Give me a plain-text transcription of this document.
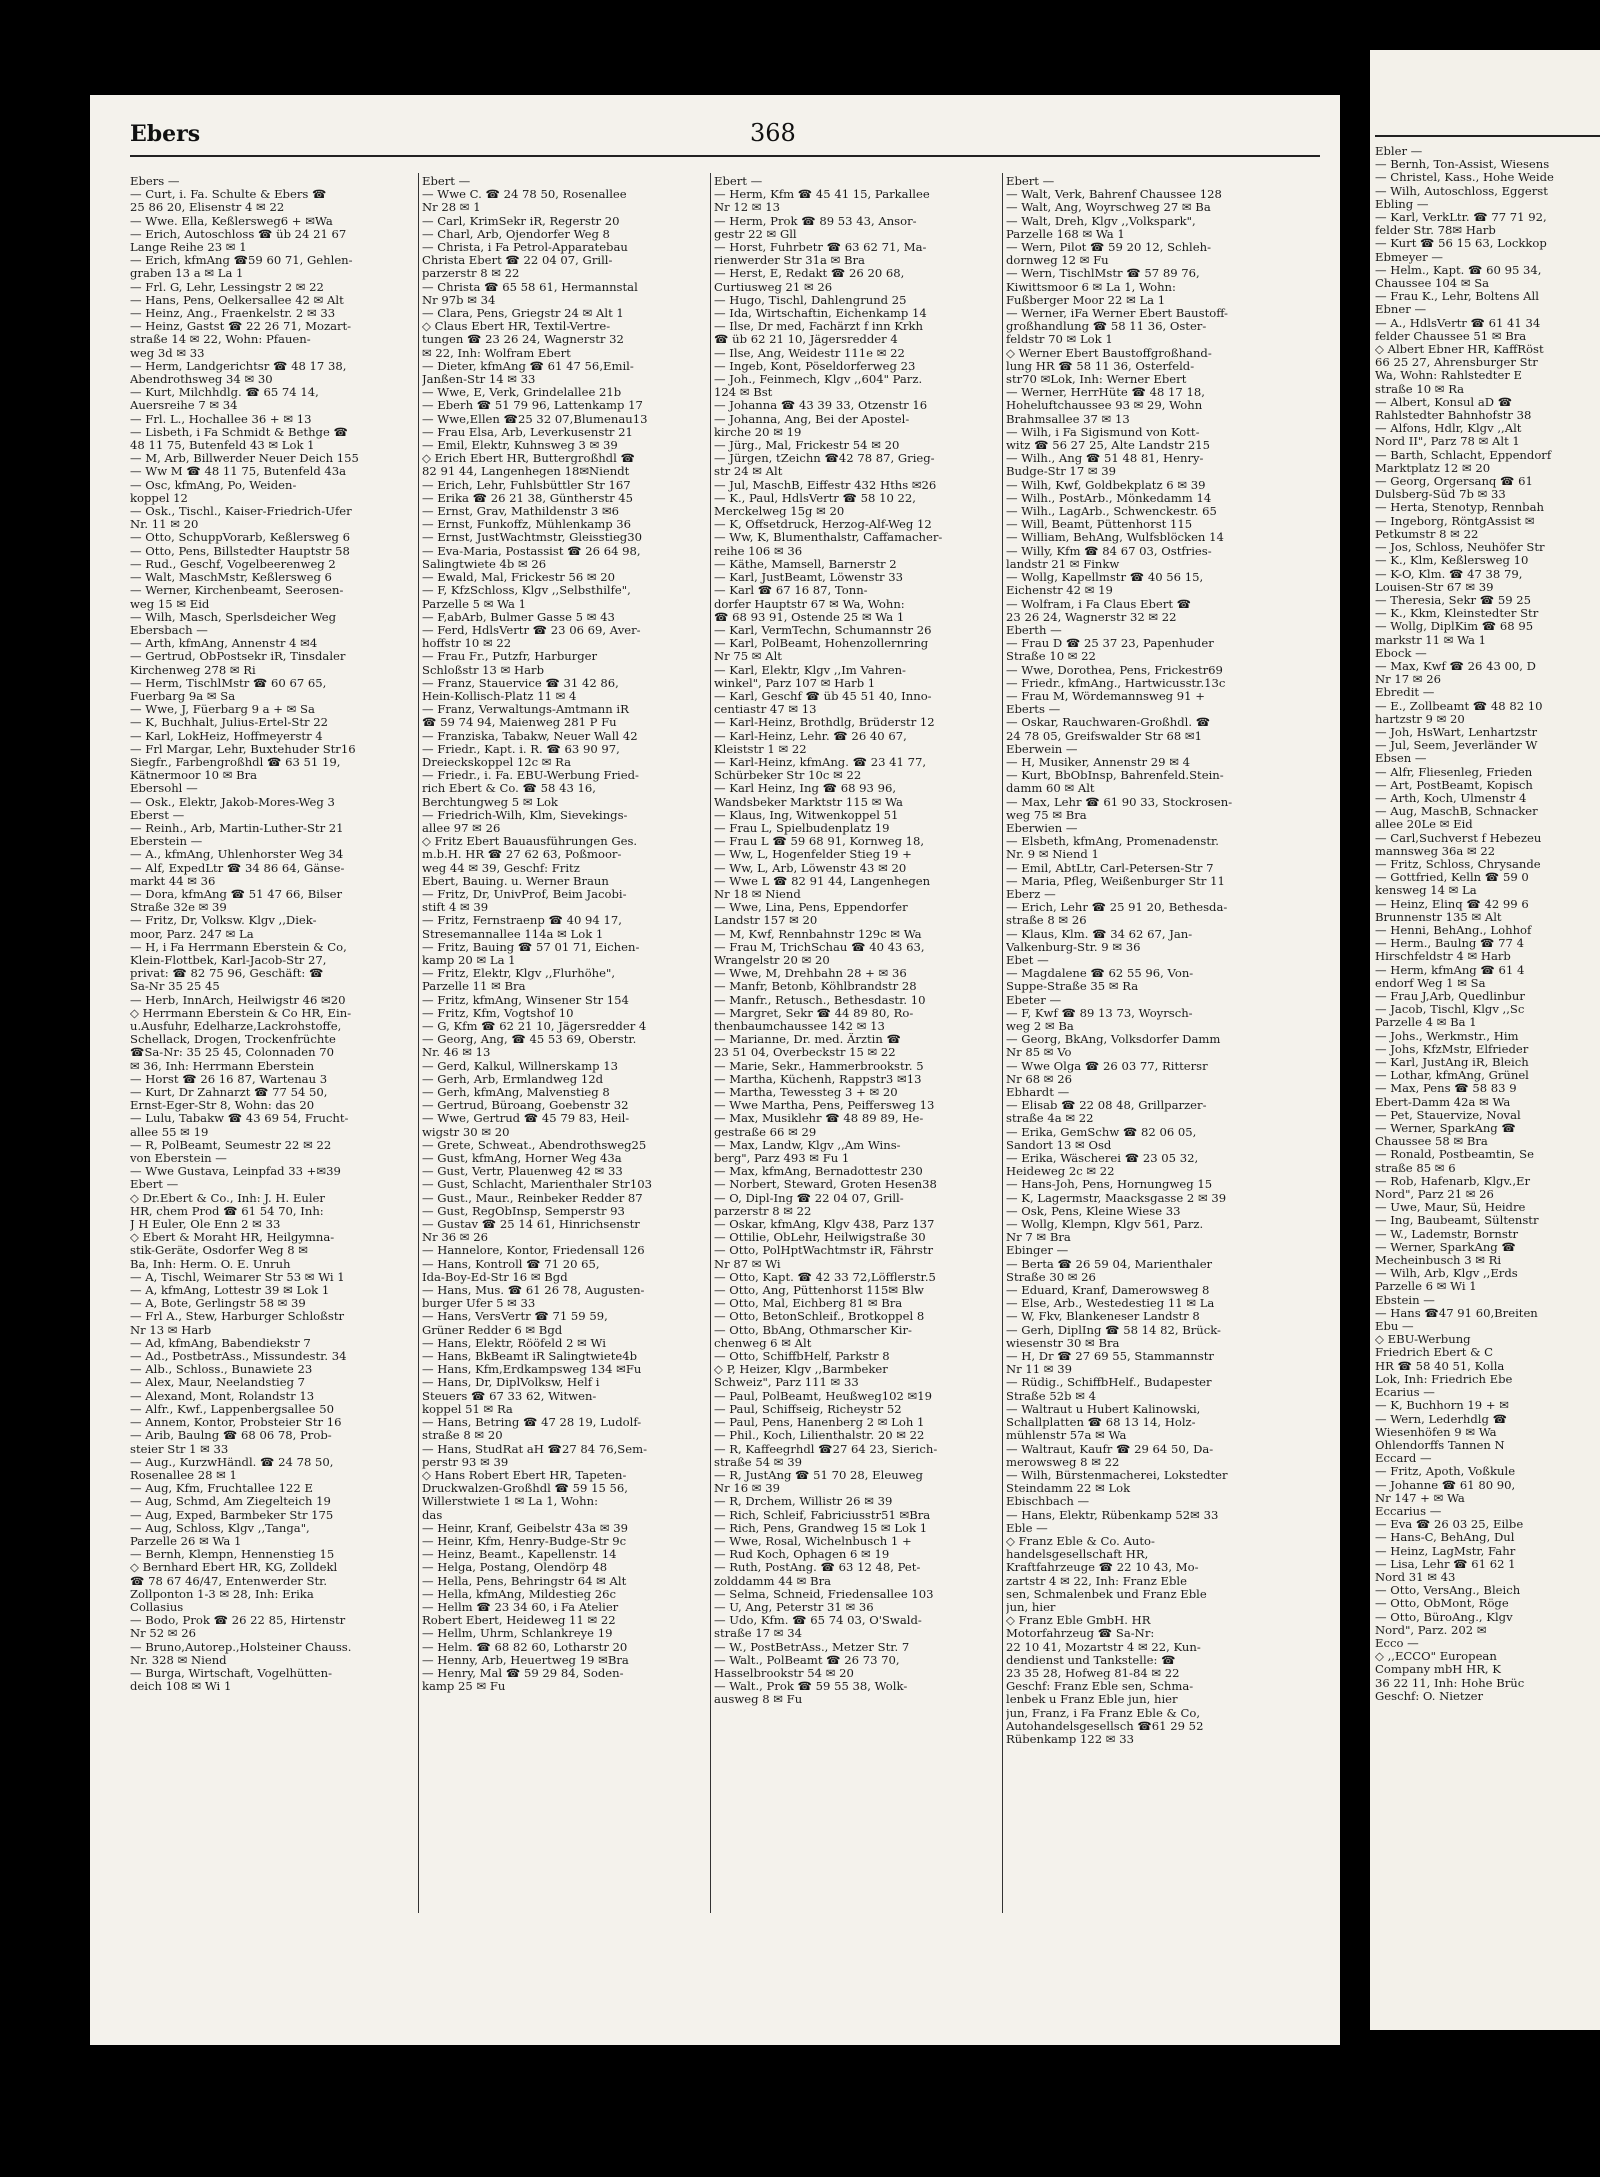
Ebers	368
Ebers —
— Curt, i. Fa. Schulte & Ebers ☎
25 86 20, Elisenstr 4 ✉ 22
— Wwe. Ella, Keßlersweg6 + ✉Wa
— Erich, Autoschloss ☎ üb 24 21 67
Lange Reihe 23 ✉ 1
— Erich, kfmAng ☎59 60 71, Gehlen-
graben 13 a ✉ La 1
— Frl. G, Lehr, Lessingstr 2 ✉ 22
— Hans, Pens, Oelkersallee 42 ✉ Alt
— Heinz, Ang., Fraenkelstr. 2 ✉ 33
— Heinz, Gastst ☎ 22 26 71, Mozart-
straße 14 ✉ 22, Wohn: Pfauen-
weg 3d ✉ 33
— Herm, Landgerichtsr ☎ 48 17 38,
Abendrothsweg 34 ✉ 30
— Kurt, Milchhdlg. ☎ 65 74 14,
Auersreihe 7 ✉ 34
— Frl. L., Hochallee 36 + ✉ 13
— Lisbeth, i Fa Schmidt & Bethge ☎
48 11 75, Butenfeld 43 ✉ Lok 1
— M, Arb, Billwerder Neuer Deich 155
— Ww M ☎ 48 11 75, Butenfeld 43a
— Osc, kfmAng, Po, Weiden-
koppel 12
— Osk., Tischl., Kaiser-Friedrich-Ufer
Nr. 11 ✉ 20
— Otto, SchuppVorarb, Keßlersweg 6
— Otto, Pens, Billstedter Hauptstr 58
— Rud., Geschf, Vogelbeerenweg 2
— Walt, MaschMstr, Keßlersweg 6
— Werner, Kirchenbeamt, Seerosen-
weg 15 ✉ Eid
— Wilh, Masch, Sperlsdeicher Weg
Ebersbach —
— Arth, kfmAng, Annenstr 4 ✉4
— Gertrud, ObPostsekr iR, Tinsdaler
Kirchenweg 278 ✉ Ri
— Herm, TischlMstr ☎ 60 67 65,
Fuerbarg 9a ✉ Sa
— Wwe, J, Füerbarg 9 a + ✉ Sa
— K, Buchhalt, Julius-Ertel-Str 22
— Karl, LokHeiz, Hoffmeyerstr 4
— Frl Margar, Lehr, Buxtehuder Str16
Siegfr., Farbengroßhdl ☎ 63 51 19,
Kätnermoor 10 ✉ Bra
Ebersohl —
— Osk., Elektr, Jakob-Mores-Weg 3
Eberst —
— Reinh., Arb, Martin-Luther-Str 21
Eberstein —
— A., kfmAng, Uhlenhorster Weg 34
— Alf, ExpedLtr ☎ 34 86 64, Gänse-
markt 44 ✉ 36
— Dora, kfmAng ☎ 51 47 66, Bilser
Straße 32e ✉ 39
— Fritz, Dr, Volksw. Klgv ,,Diek-
moor, Parz. 247 ✉ La
— H, i Fa Herrmann Eberstein & Co,
Klein-Flottbek, Karl-Jacob-Str 27,
privat: ☎ 82 75 96, Geschäft: ☎
Sa-Nr 35 25 45
— Herb, InnArch, Heilwigstr 46 ✉20
◇ Herrmann Eberstein & Co HR, Ein-
u.Ausfuhr, Edelharze,Lackrohstoffe,
Schellack, Drogen, Trockenfrüchte
☎Sa-Nr: 35 25 45, Colonnaden 70
✉ 36, Inh: Herrmann Eberstein
— Horst ☎ 26 16 87, Wartenau 3
— Kurt, Dr Zahnarzt ☎ 77 54 50,
Ernst-Eger-Str 8, Wohn: das 20
— Lulu, Tabakw ☎ 43 69 54, Frucht-
allee 55 ✉ 19
— R, PolBeamt, Seumestr 22 ✉ 22
von Eberstein —
— Wwe Gustava, Leinpfad 33 +✉39
Ebert —
◇ Dr.Ebert & Co., Inh: J. H. Euler
HR, chem Prod ☎ 61 54 70, Inh:
J H Euler, Ole Enn 2 ✉ 33
◇ Ebert & Moraht HR, Heilgymna-
stik-Geräte, Osdorfer Weg 8 ✉
Ba, Inh: Herm. O. E. Unruh
— A, Tischl, Weimarer Str 53 ✉ Wi 1
— A, kfmAng, Lottestr 39 ✉ Lok 1
— A, Bote, Gerlingstr 58 ✉ 39
— Frl A., Stew, Harburger Schloßstr
Nr 13 ✉ Harb
— Ad, kfmAng, Babendiekstr 7
— Ad., PostbetrAss., Missundestr. 34
— Alb., Schloss., Bunawiete 23
— Alex, Maur, Neelandstieg 7
— Alexand, Mont, Rolandstr 13
— Alfr., Kwf., Lappenbergsallee 50
— Annem, Kontor, Probsteier Str 16
— Arib, Baulng ☎ 68 06 78, Prob-
steier Str 1 ✉ 33
— Aug., KurzwHändl. ☎ 24 78 50,
Rosenallee 28 ✉ 1
— Aug, Kfm, Fruchtallee 122 E
— Aug, Schmd, Am Ziegelteich 19
— Aug, Exped, Barmbeker Str 175
— Aug, Schloss, Klgv ,,Tanga",
Parzelle 26 ✉ Wa 1
— Bernh, Klempn, Hennenstieg 15
◇ Bernhard Ebert HR, KG, Zolldekl
☎ 78 67 46/47, Entenwerder Str.
Zollpontоn 1-3 ✉ 28, Inh: Erika
Collasius
— Bodo, Prok ☎ 26 22 85, Hirtenstr
Nr 52 ✉ 26
— Bruno,Autorep.,Holsteiner Chauss.
Nr. 328 ✉ Niend
— Burga, Wirtschaft, Vogelhütten-
deich 108 ✉ Wi 1
Ebert —
— Wwe C. ☎ 24 78 50, Rosenallee
Nr 28 ✉ 1
— Carl, KrimSekr iR, Regerstr 20
— Charl, Arb, Ojendorfer Weg 8
— Christa, i Fa Petrol-Apparatebau
Christa Ebert ☎ 22 04 07, Grill-
parzerstr 8 ✉ 22
— Christa ☎ 65 58 61, Hermannstal
Nr 97b ✉ 34
— Clara, Pens, Griegstr 24 ✉ Alt 1
◇ Claus Ebert HR, Textil-Vertre-
tungen ☎ 23 26 24, Wagnerstr 32
✉ 22, Inh: Wolfram Ebert
— Dieter, kfmAng ☎ 61 47 56,Emil-
Janßen-Str 14 ✉ 33
— Wwe, E, Verk, Grindelallee 21b
— Eberh ☎ 51 79 96, Lattenkamp 17
— Wwe,Ellen ☎25 32 07,Blumenau13
— Frau Elsa, Arb, Leverkusenstr 21
— Emil, Elektr, Kuhnsweg 3 ✉ 39
◇ Erich Ebert HR, Buttergroßhdl ☎
82 91 44, Langenhegen 18✉Niendt
— Erich, Lehr, Fuhlsbüttler Str 167
— Erika ☎ 26 21 38, Güntherstr 45
— Ernst, Grav, Mathildenstr 3 ✉6
— Ernst, Funkoffz, Mühlenkamp 36
— Ernst, JustWachtmstr, Gleisstieg30
— Eva-Maria, Postassist ☎ 26 64 98,
Salingtwiete 4b ✉ 26
— Ewald, Mal, Frickestr 56 ✉ 20
— F, KfzSchloss, Klgv ,,Selbsthilfe",
Parzelle 5 ✉ Wa 1
— F,abArb, Bulmer Gasse 5 ✉ 43
— Ferd, HdlsVertr ☎ 23 06 69, Aver-
hoffstr 10 ✉ 22
— Frau Fr., Putzfr, Harburger
Schloßstr 13 ✉ Harb
— Franz, Stauervice ☎ 31 42 86,
Hein-Kollisch-Platz 11 ✉ 4
— Franz, Verwaltungs-Amtmann iR
☎ 59 74 94, Maienweg 281 P Fu
— Franziska, Tabakw, Neuer Wall 42
— Friedr., Kapt. i. R. ☎ 63 90 97,
Dreieckskoppel 12c ✉ Ra
— Friedr., i. Fa. EBU-Werbung Fried-
rich Ebert & Co. ☎ 58 43 16,
Berchtungweg 5 ✉ Lok
— Friedrich-Wilh, Klm, Sievekings-
allee 97 ✉ 26
◇ Fritz Ebert Bauausführungen Ges.
m.b.H. HR ☎ 27 62 63, Poßmoor-
weg 44 ✉ 39, Geschf: Fritz
Ebert, Bauing. u. Werner Braun
— Fritz, Dr, UnivProf, Beim Jacobi-
stift 4 ✉ 39
— Fritz, Fernstraenp ☎ 40 94 17,
Stresemannallee 114a ✉ Lok 1
— Fritz, Bauing ☎ 57 01 71, Eichen-
kamp 20 ✉ La 1
— Fritz, Elektr, Klgv ,,Flurhöhe",
Parzelle 11 ✉ Bra
— Fritz, kfmAng, Winsener Str 154
— Fritz, Kfm, Vogtshof 10
— G, Kfm ☎ 62 21 10, Jägersredder 4
— Georg, Ang, ☎ 45 53 69, Oberstr.
Nr. 46 ✉ 13
— Gerd, Kalkul, Willnerskamp 13
— Gerh, Arb, Ermlandweg 12d
— Gerh, kfmAng, Malvenstieg 8
— Gertrud, Büroang, Goebenstr 32
— Wwe, Gertrud ☎ 45 79 83, Heil-
wigstr 30 ✉ 20
— Grete, Schweat., Abendrothsweg25
— Gust, kfmAng, Horner Weg 43a
— Gust, Vertr, Plauenweg 42 ✉ 33
— Gust, Schlacht, Marienthaler Str103
— Gust., Maur., Reinbeker Redder 87
— Gust, RegObInsp, Semperstr 93
— Gustav ☎ 25 14 61, Hinrichsenstr
Nr 36 ✉ 26
— Hannelore, Kontor, Friedensall 126
— Hans, Kontroll ☎ 71 20 65,
Ida-Boy-Ed-Str 16 ✉ Bgd
— Hans, Mus. ☎ 61 26 78, Augusten-
burger Ufer 5 ✉ 33
— Hans, VersVertr ☎ 71 59 59,
Grüner Redder 6 ✉ Bgd
— Hans, Elektr, Rööfeld 2 ✉ Wi
— Hans, BkBeamt iR Salingtwiete4b
— Hans, Kfm,Erdkampsweg 134 ✉Fu
— Hans, Dr, DiplVolksw, Helf i
Steuers ☎ 67 33 62, Witwen-
koppel 51 ✉ Ra
— Hans, Betring ☎ 47 28 19, Ludolf-
straße 8 ✉ 20
— Hans, StudRat aH ☎27 84 76,Sem-
perstr 93 ✉ 39
◇ Hans Robert Ebert HR, Tapeten-
Druckwalzen-Großhdl ☎ 59 15 56,
Willerstwiete 1 ✉ La 1, Wohn:
das
— Heinr, Kranf, Geibelstr 43a ✉ 39
— Heinr, Kfm, Henry-Budge-Str 9c
— Heinz, Beamt., Kapellenstr. 14
— Helga, Postang, Olendörp 48
— Hella, Pens, Behringstr 64 ✉ Alt
— Hella, kfmAng, Mildestieg 26c
— Hellm ☎ 23 34 60, i Fa Atelier
Robert Ebert, Heideweg 11 ✉ 22
— Hellm, Uhrm, Schlankreye 19
— Helm. ☎ 68 82 60, Lotharstr 20
— Henny, Arb, Heuertweg 19 ✉Bra
— Henry, Mal ☎ 59 29 84, Soden-
kamp 25 ✉ Fu
Ebert —
— Herm, Kfm ☎ 45 41 15, Parkallee
Nr 12 ✉ 13
— Herm, Prok ☎ 89 53 43, Ansor-
gestr 22 ✉ Gll
— Horst, Fuhrbetr ☎ 63 62 71, Ma-
rienwerder Str 31a ✉ Bra
— Herst, E, Redakt ☎ 26 20 68,
Curtiusweg 21 ✉ 26
— Hugo, Tischl, Dahlengrund 25
— Ida, Wirtschaftin, Eichenkamp 14
— Ilse, Dr med, Fachärzt f inn Krkh
☎ üb 62 21 10, Jägersredder 4
— Ilse, Ang, Weidestr 111e ✉ 22
— Ingeb, Kont, Pöseldorferweg 23
— Joh., Feinmech, Klgv ,,604" Parz.
124 ✉ Bst
— Johanna ☎ 43 39 33, Otzenstr 16
— Johanna, Ang, Bei der Apostel-
kirche 20 ✉ 19
— Jürg., Mal, Frickestr 54 ✉ 20
— Jürgen, tZeichn ☎42 78 87, Grieg-
str 24 ✉ Alt
— Jul, MaschB, Eiffestr 432 Hths ✉26
— K., Paul, HdlsVertr ☎ 58 10 22,
Merckelweg 15g ✉ 20
— K, Offsetdruck, Herzog-Alf-Weg 12
— Ww, K, Blumenthalstr, Caffamacher-
reihe 106 ✉ 36
— Käthe, Mamsell, Barnerstr 2
— Karl, JustBeamt, Löwenstr 33
— Karl ☎ 67 16 87, Tonn-
dorfer Hauptstr 67 ✉ Wa, Wohn:
☎ 68 93 91, Ostende 25 ✉ Wa 1
— Karl, VermTechn, Schumannstr 26
— Karl, PolBeamt, Hohenzollernring
Nr 75 ✉ Alt
— Karl, Elektr, Klgv ,,Im Vahren-
winkel", Parz 107 ✉ Harb 1
— Karl, Geschf ☎ üb 45 51 40, Inno-
centiastr 47 ✉ 13
— Karl-Heinz, Brothdlg, Brüderstr 12
— Karl-Heinz, Lehr. ☎ 26 40 67,
Kleiststr 1 ✉ 22
— Karl-Heinz, kfmAng. ☎ 23 41 77,
Schürbeker Str 10c ✉ 22
— Karl Heinz, Ing ☎ 68 93 96,
Wandsbeker Marktstr 115 ✉ Wa
— Klaus, Ing, Witwenkoppel 51
— Frau L, Spielbudenplatz 19
— Frau L ☎ 59 68 91, Kornweg 18,
— Ww, L, Hogenfelder Stieg 19 +
— Ww, L, Arb, Löwenstr 43 ✉ 20
— Wwe L ☎ 82 91 44, Langenhegen
Nr 18 ✉ Niend
— Wwe, Lina, Pens, Eppendorfer
Landstr 157 ✉ 20
— M, Kwf, Rennbahnstr 129c ✉ Wa
— Frau M, TrichSchau ☎ 40 43 63,
Wrangelstr 20 ✉ 20
— Wwe, M, Drehbahn 28 + ✉ 36
— Manfr, Betonb, Köhlbrandstr 28
— Manfr., Retusch., Bethesdastr. 10
— Margret, Sekr ☎ 44 89 80, Ro-
thenbaumchaussee 142 ✉ 13
— Marianne, Dr. med. Ärztin ☎
23 51 04, Overbeckstr 15 ✉ 22
— Marie, Sekr., Hammerbrookstr. 5
— Martha, Küchenh, Rappstr3 ✉13
— Martha, Tewessteg 3 + ✉ 20
— Wwe Martha, Pens, Peiffersweg 13
— Max, Musiklehr ☎ 48 89 89, He-
gestraße 66 ✉ 29
— Max, Landw, Klgv ,,Am Wins-
berg", Parz 493 ✉ Fu 1
— Max, kfmAng, Bernadottestr 230
— Norbert, Steward, Groten Hesen38
— O, Dipl-Ing ☎ 22 04 07, Grill-
parzerstr 8 ✉ 22
— Oskar, kfmAng, Klgv 438, Parz 137
— Ottilie, ObLehr, Heilwigstraße 30
— Otto, PolHptWachtmstr iR, Fährstr
Nr 87 ✉ Wi
— Otto, Kapt. ☎ 42 33 72,Löfflerstr.5
— Otto, Ang, Püttenhorst 115✉ Blw
— Otto, Mal, Eichberg 81 ✉ Bra
— Otto, BetonSchleif., Brotkoppel 8
— Otto, BbAng, Othmarscher Kir-
chenweg 6 ✉ Alt
— Otto, SchiffbHelf, Parkstr 8
◇ P, Heizer, Klgv ,,Barmbeker
Schweiz", Parz 111 ✉ 33
— Paul, PolBeamt, Heußweg102 ✉19
— Paul, Schiffseig, Richeystr 52
— Paul, Pens, Hanenberg 2 ✉ Loh 1
— Phil., Koch, Lilienthalstr. 20 ✉ 22
— R, Kaffeegrhdl ☎27 64 23, Sierich-
straße 54 ✉ 39
— R, JustAng ☎ 51 70 28, Eleuweg
Nr 16 ✉ 39
— R, Drchem, Willistr 26 ✉ 39
— Rich, Schleif, Fabriciusstr51 ✉Bra
— Rich, Pens, Grandweg 15 ✉ Lok 1
— Wwe, Rosal, Wichelnbusch 1 +
— Rud Koch, Ophagen 6 ✉ 19
— Ruth, PostAng. ☎ 63 12 48, Pet-
zolddamm 44 ✉ Bra
— Selma, Schneid, Friedensallee 103
— U, Ang, Peterstr 31 ✉ 36
— Udo, Kfm. ☎ 65 74 03, O'Swald-
straße 17 ✉ 34
— W., PostBetrAss., Metzer Str. 7
— Walt., PolBeamt ☎ 26 73 70,
Hasselbrookstr 54 ✉ 20
— Walt., Prok ☎ 59 55 38, Wolk-
ausweg 8 ✉ Fu
Ebert —
— Walt, Verk, Bahrenf Chaussee 128
— Walt, Ang, Woyrschweg 27 ✉ Ba
— Walt, Dreh, Klgv ,,Volkspark",
Parzelle 168 ✉ Wa 1
— Wern, Pilot ☎ 59 20 12, Schleh-
dornweg 12 ✉ Fu
— Wern, TischlMstr ☎ 57 89 76,
Kiwittsmoor 6 ✉ La 1, Wohn:
Fußberger Moor 22 ✉ La 1
— Werner, iFa Werner Ebert Baustoff-
großhandlung ☎ 58 11 36, Oster-
feldstr 70 ✉ Lok 1
◇ Werner Ebert Baustoffgroßhand-
lung HR ☎ 58 11 36, Osterfeld-
str70 ✉Lok, Inh: Werner Ebert
— Werner, HerrHüte ☎ 48 17 18,
Hoheluftchaussee 93 ✉ 29, Wohn
Brahmsallee 37 ✉ 13
— Wilh, i Fa Sigismund von Kott-
witz ☎ 56 27 25, Alte Landstr 215
— Wilh., Ang ☎ 51 48 81, Henry-
Budge-Str 17 ✉ 39
— Wilh, Kwf, Goldbekplatz 6 ✉ 39
— Wilh., PostArb., Mönkedamm 14
— Wilh., LagArb., Schwenckestr. 65
— Will, Beamt, Püttenhorst 115
— William, BehAng, Wulfsblöcken 14
— Willy, Kfm ☎ 84 67 03, Ostfries-
landstr 21 ✉ Finkw
— Wollg, Kapellmstr ☎ 40 56 15,
Eichenstr 42 ✉ 19
— Wolfram, i Fa Claus Ebert ☎
23 26 24, Wagnerstr 32 ✉ 22
Eberth —
— Frau D ☎ 25 37 23, Papenhuder
Straße 10 ✉ 22
— Wwe, Dorothea, Pens, Frickestr69
— Friedr., kfmAng., Hartwicusstr.13c
— Frau M, Wördemannsweg 91 +
Eberts —
— Oskar, Rauchwaren-Großhdl. ☎
24 78 05, Greifswalder Str 68 ✉1
Eberwein —
— H, Musiker, Annenstr 29 ✉ 4
— Kurt, BbObInsp, Bahrenfeld.Stein-
damm 60 ✉ Alt
— Max, Lehr ☎ 61 90 33, Stockrosen-
weg 75 ✉ Bra
Eberwien —
— Elsbeth, kfmAng, Promenadenstr.
Nr. 9 ✉ Niend 1
— Emil, AbtLtr, Carl-Petersen-Str 7
— Maria, Pfleg, Weißenburger Str 11
Eberz —
— Erich, Lehr ☎ 25 91 20, Bethesda-
straße 8 ✉ 26
— Klaus, Klm. ☎ 34 62 67, Jan-
Valkenburg-Str. 9 ✉ 36
Ebet —
— Magdalene ☎ 62 55 96, Von-
Suppe-Straße 35 ✉ Ra
Ebeter —
— F, Kwf ☎ 89 13 73, Woyrsch-
weg 2 ✉ Ba
— Georg, BkAng, Volksdorfer Damm
Nr 85 ✉ Vo
— Wwe Olga ☎ 26 03 77, Rittersr
Nr 68 ✉ 26
Ebhardt —
— Elisab ☎ 22 08 48, Grillparzer-
straße 4a ✉ 22
— Erika, GemSchw ☎ 82 06 05,
Sandort 13 ✉ Osd
— Erika, Wäscherei ☎ 23 05 32,
Heideweg 2c ✉ 22
— Hans-Joh, Pens, Hornungweg 15
— K, Lagermstr, Maacksgasse 2 ✉ 39
— Osk, Pens, Kleine Wiese 33
— Wollg, Klempn, Klgv 561, Parz.
Nr 7 ✉ Bra
Ebinger —
— Berta ☎ 26 59 04, Marienthaler
Straße 30 ✉ 26
— Eduard, Kranf, Damerowsweg 8
— Else, Arb., Westedestieg 11 ✉ La
— W, Fkv, Blankeneser Landstr 8
— Gerh, DiplIng ☎ 58 14 82, Brück-
wiesenstr 30 ✉ Bra
— H, Dr ☎ 27 69 55, Stammannstr
Nr 11 ✉ 39
— Rüdig., SchiffbHelf., Budapester
Straße 52b ✉ 4
— Waltraut u Hubert Kalinowski,
Schallplatten ☎ 68 13 14, Holz-
mühlenstr 57a ✉ Wa
— Waltraut, Kaufr ☎ 29 64 50, Da-
merowsweg 8 ✉ 22
— Wilh, Bürstenmacherei, Lokstedter
Steindamm 22 ✉ Lok
Ebischbach —
— Hans, Elektr, Rübenkamp 52✉ 33
Eble —
◇ Franz Eble & Co. Auto-
handelsgesellschaft HR,
Kraftfahrzeuge ☎ 22 10 43, Mo-
zartstr 4 ✉ 22, Inh: Franz Eble
sen, Schmalenbek und Franz Eble
jun, hier
◇ Franz Eble GmbH. HR
Motorfahrzeug ☎ Sa-Nr:
22 10 41, Mozartstr 4 ✉ 22, Kun-
dendienst und Tankstelle: ☎
23 35 28, Hofweg 81-84 ✉ 22
Geschf: Franz Eble sen, Schma-
lenbek u Franz Eble jun, hier
jun, Franz, i Fa Franz Eble & Co,
Autohandelsgesellsch ☎61 29 52
Rübenkamp 122 ✉ 33
Ebler —
— Bernh, Ton-Assist, Wiesens
— Christel, Kass., Hohe Weide
— Wilh, Autoschloss, Eggerst
Ebling —
— Karl, VerkLtr. ☎ 77 71 92,
felder Str. 78✉ Harb
— Kurt ☎ 56 15 63, Lockkop
Ebmeyer —
— Helm., Kapt. ☎ 60 95 34,
Chaussee 104 ✉ Sa
— Frau K., Lehr, Boltens All
Ebner —
— A., HdlsVertr ☎ 61 41 34
felder Chaussee 51 ✉ Bra
◇ Albert Ebner HR, KaffRöst
66 25 27, Ahrensburger Str
Wa, Wohn: Rahlstedter E
straße 10 ✉ Ra
— Albert, Konsul aD ☎
Rahlstedter Bahnhofstr 38
— Alfons, Hdlr, Klgv ,,Alt
Nord II", Parz 78 ✉ Alt 1
— Barth, Schlacht, Eppendorf
Marktplatz 12 ✉ 20
— Georg, Orgersanq ☎ 61
Dulsberg-Süd 7b ✉ 33
— Herta, Stenotyp, Rennbah
— Ingeborg, RöntgAssist ✉
Petkumstr 8 ✉ 22
— Jos, Schloss, Neuhöfer Str
— K., Klm, Keßlersweg 10
— K-O, Klm. ☎ 47 38 79,
Louisen-Str 67 ✉ 39
— Theresia, Sekr ☎ 59 25
— K., Kkm, Kleinstedter Str
— Wollg, DiplKim ☎ 68 95
markstr 11 ✉ Wa 1
Ebock —
— Max, Kwf ☎ 26 43 00, D
Nr 17 ✉ 26
Ebredit —
— E., Zollbeamt ☎ 48 82 10
hartzstr 9 ✉ 20
— Joh, HsWart, Lenhartzstr
— Jul, Seem, Jeverländer W
Ebsen —
— Alfr, Fliesenleg, Frieden
— Art, PostBeamt, Kopisch
— Arth, Koch, Ulmenstr 4
— Aug, MaschB, Schnacker
allee 20Le ✉ Eid
— Carl,Suchverst f Hebezeu
mannsweg 36a ✉ 22
— Fritz, Schloss, Chrysande
— Gottfried, Kelln ☎ 59 0
kensweg 14 ✉ La
— Heinz, Elinq ☎ 42 99 6
Brunnenstr 135 ✉ Alt
— Henni, BehAng., Lohhof
— Herm., Baulng ☎ 77 4
Hirschfeldstr 4 ✉ Harb
— Herm, kfmAng ☎ 61 4
endorf Weg 1 ✉ Sa
— Frau J,Arb, Quedlinbur
— Jacob, Tischl, Klgv ,,Sc
Parzelle 4 ✉ Ba 1
— Johs., Werkmstr., Him
— Johs, KfzMstr, Elfrieder
— Karl, JustAng iR, Bleich
— Lothar, kfmAng, Grünel
— Max, Pens ☎ 58 83 9
Ebert-Damm 42a ✉ Wa
— Pet, Stauervize, Noval
— Werner, SparkAng ☎
Chaussee 58 ✉ Bra
— Ronald, Postbeamtin, Se
straße 85 ✉ 6
— Rob, Hafenarb, Klgv.,Er
Nord", Parz 21 ✉ 26
— Uwe, Maur, Sü, Heidre
— Ing, Baubeamt, Sültenstr
— W., Lademstr, Bornstr
— Werner, SparkAng ☎
Mecheinbusch 3 ✉ Ri
— Wilh, Arb, Klgv ,,Erds
Parzelle 6 ✉ Wi 1
Ebstein —
— Hans ☎47 91 60,Breiten
Ebu —
◇ EBU-Werbung
Friedrich Ebert & C
HR ☎ 58 40 51, Kolla
Lok, Inh: Friedrich Ebe
Ecarius —
— K, Buchhorn 19 + ✉
— Wern, Lederhdlg ☎
Wiesenhöfen 9 ✉ Wa
Ohlendorffs Tannen N
Eccard —
— Fritz, Apoth, Voßkule
— Johanne ☎ 61 80 90,
Nr 147 + ✉ Wa
Eccarius —
— Eva ☎ 26 03 25, Eilbe
— Hans-C, BehAng, Dul
— Heinz, LagMstr, Fahr
— Lisa, Lehr ☎ 61 62 1
Nord 31 ✉ 43
— Otto, VersAng., Bleich
— Otto, ObMont, Röge
— Otto, BüroAng., Klgv
Nord", Parz. 202 ✉
Ecco —
◇ ,,ECCO" European
Company mbH HR, K
36 22 11, Inh: Hohe Brüc
Geschf: O. Nietzer
